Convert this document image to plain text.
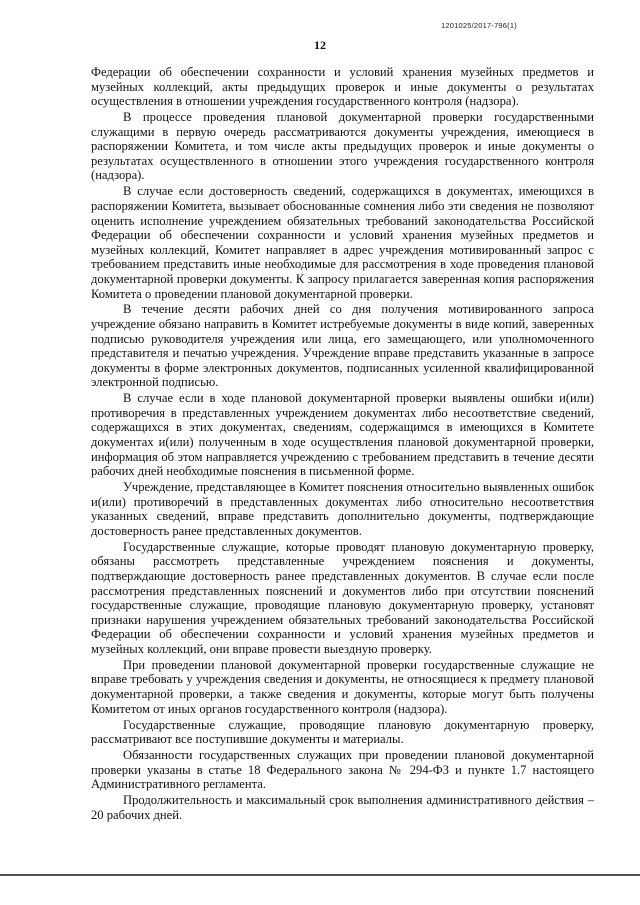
1201025/2017-796(1)
12

Федерации об обеспечении сохранности и условий хранения музейных предметов и музейных коллекций, акты предыдущих проверок и иные документы о результатах осуществления в отношении учреждения государственного контроля (надзора).

В процессе проведения плановой документарной проверки государственными служащими в первую очередь рассматриваются документы учреждения, имеющиеся в распоряжении Комитета, и том числе акты предыдущих проверок и иные документы о результатах осуществленного в отношении этого учреждения государственного контроля (надзора).

В случае если достоверность сведений, содержащихся в документах, имеющихся в распоряжении Комитета, вызывает обоснованные сомнения либо эти сведения не позволяют оценить исполнение учреждением обязательных требований законодательства Российской Федерации об обеспечении сохранности и условий хранения музейных предметов и музейных коллекций, Комитет направляет в адрес учреждения мотивированный запрос с требованием представить иные необходимые для рассмотрения в ходе проведения плановой документарной проверки документы. К запросу прилагается заверенная копия распоряжения Комитета о проведении плановой документарной проверки.

В течение десяти рабочих дней со дня получения мотивированного запроса учреждение обязано направить в Комитет истребуемые документы в виде копий, заверенных подписью руководителя учреждения или лица, его замещающего, или уполномоченного представителя и печатью учреждения. Учреждение вправе представить указанные в запросе документы в форме электронных документов, подписанных усиленной квалифицированной электронной подписью.

В случае если в ходе плановой документарной проверки выявлены ошибки и(или) противоречия в представленных учреждением документах либо несоответствие сведений, содержащихся в этих документах, сведениям, содержащимся в имеющихся в Комитете документах и(или) полученным в ходе осуществления плановой документарной проверки, информация об этом направляется учреждению с требованием представить в течение десяти рабочих дней необходимые пояснения в письменной форме.

Учреждение, представляющее в Комитет пояснения относительно выявленных ошибок и(или) противоречий в представленных документах либо относительно несоответствия указанных сведений, вправе представить дополнительно документы, подтверждающие достоверность ранее представленных документов.

Государственные служащие, которые проводят плановую документарную проверку, обязаны рассмотреть представленные учреждением пояснения и документы, подтверждающие достоверность ранее представленных документов. В случае если после рассмотрения представленных пояснений и документов либо при отсутствии пояснений государственные служащие, проводящие плановую документарную проверку, установят признаки нарушения учреждением обязательных требований законодательства Российской Федерации об обеспечении сохранности и условий хранения музейных предметов и музейных коллекций, они вправе провести выездную проверку.

При проведении плановой документарной проверки государственные служащие не вправе требовать у учреждения сведения и документы, не относящиеся к предмету плановой документарной проверки, а также сведения и документы, которые могут быть получены Комитетом от иных органов государственного контроля (надзора).

Государственные служащие, проводящие плановую документарную проверку, рассматривают все поступившие документы и материалы.

Обязанности государственных служащих при проведении плановой документарной проверки указаны в статье 18 Федерального закона № 294-ФЗ и пункте 1.7 настоящего Административного регламента.

Продолжительность и максимальный срок выполнения административного действия – 20 рабочих дней.
